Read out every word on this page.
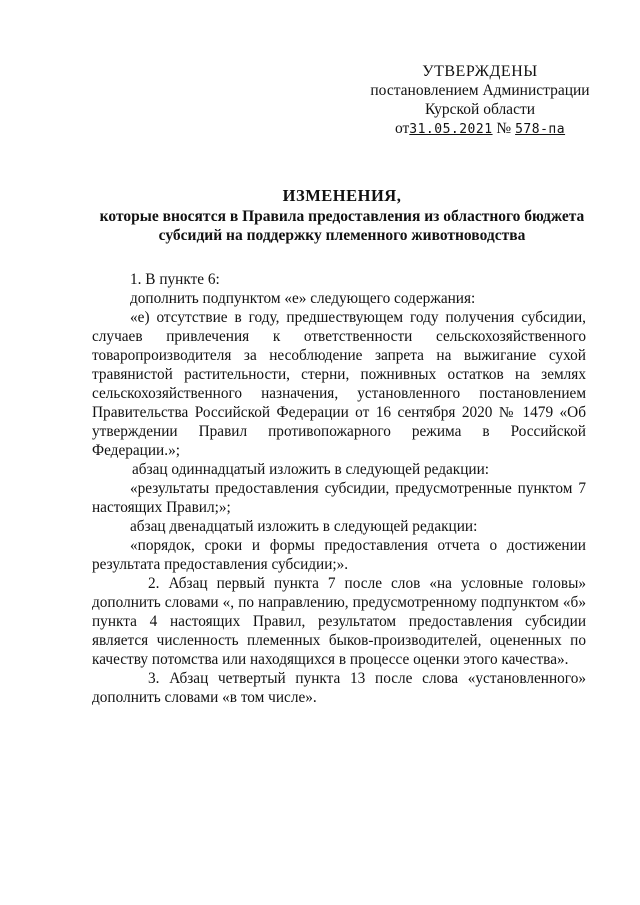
УТВЕРЖДЕНЫ
постановлением Администрации
Курской области
от31.05.2021 № 578-па
ИЗМЕНЕНИЯ,
которые вносятся в Правила предоставления из областного бюджета
субсидий на поддержку племенного животноводства

1. В пункте 6:

дополнить подпунктом «е» следующего содержания:

«е) отсутствие в году, предшествующем году получения субсидии, случаев привлечения к ответственности сельскохозяйственного товаропроизводителя за несоблюдение запрета на выжигание сухой травянистой растительности, стерни, пожнивных остатков на землях сельскохозяйственного назначения, установленного постановлением Правительства Российской Федерации от 16 сентября 2020 № 1479 «Об утверждении Правил противопожарного режима в Российской Федерации.»;

абзац одиннадцатый изложить в следующей редакции:

«результаты предоставления субсидии, предусмотренные пунктом 7 настоящих Правил;»;

абзац двенадцатый изложить в следующей редакции:

«порядок, сроки и формы предоставления отчета о достижении результата предоставления субсидии;».

2. Абзац первый пункта 7 после слов «на условные головы» дополнить словами «, по направлению, предусмотренному подпунктом «б» пункта 4 настоящих Правил, результатом предоставления субсидии является численность племенных быков-производителей, оцененных по качеству потомства или находящихся в процессе оценки этого качества».

3. Абзац четвертый пункта 13 после слова «установленного» дополнить словами «в том числе».
